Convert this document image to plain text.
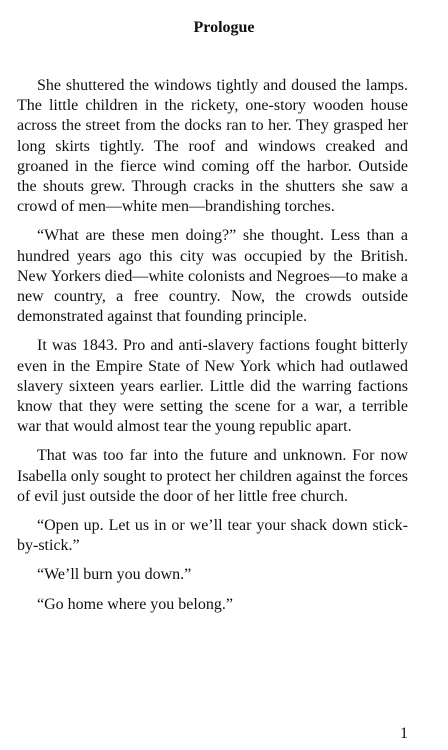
Prologue

She shuttered the windows tightly and doused the lamps. The little children in the rickety, one-story wooden house across the street from the docks ran to her. They grasped her long skirts tightly. The roof and windows creaked and groaned in the fierce wind coming off the harbor. Outside the shouts grew. Through cracks in the shutters she saw a crowd of men—white men—brandishing torches.

“What are these men doing?” she thought. Less than a hundred years ago this city was occupied by the British. New Yorkers died—white colonists and Negroes—to make a new country, a free country. Now, the crowds outside demonstrated against that founding principle.

It was 1843. Pro and anti-slavery factions fought bitterly even in the Empire State of New York which had outlawed slavery sixteen years earlier. Little did the warring factions know that they were setting the scene for a war, a terrible war that would almost tear the young republic apart.

That was too far into the future and unknown. For now Isabella only sought to protect her children against the forces of evil just outside the door of her little free church.

“Open up. Let us in or we’ll tear your shack down stick-by-stick.”

“We’ll burn you down.”

“Go home where you belong.”

1
